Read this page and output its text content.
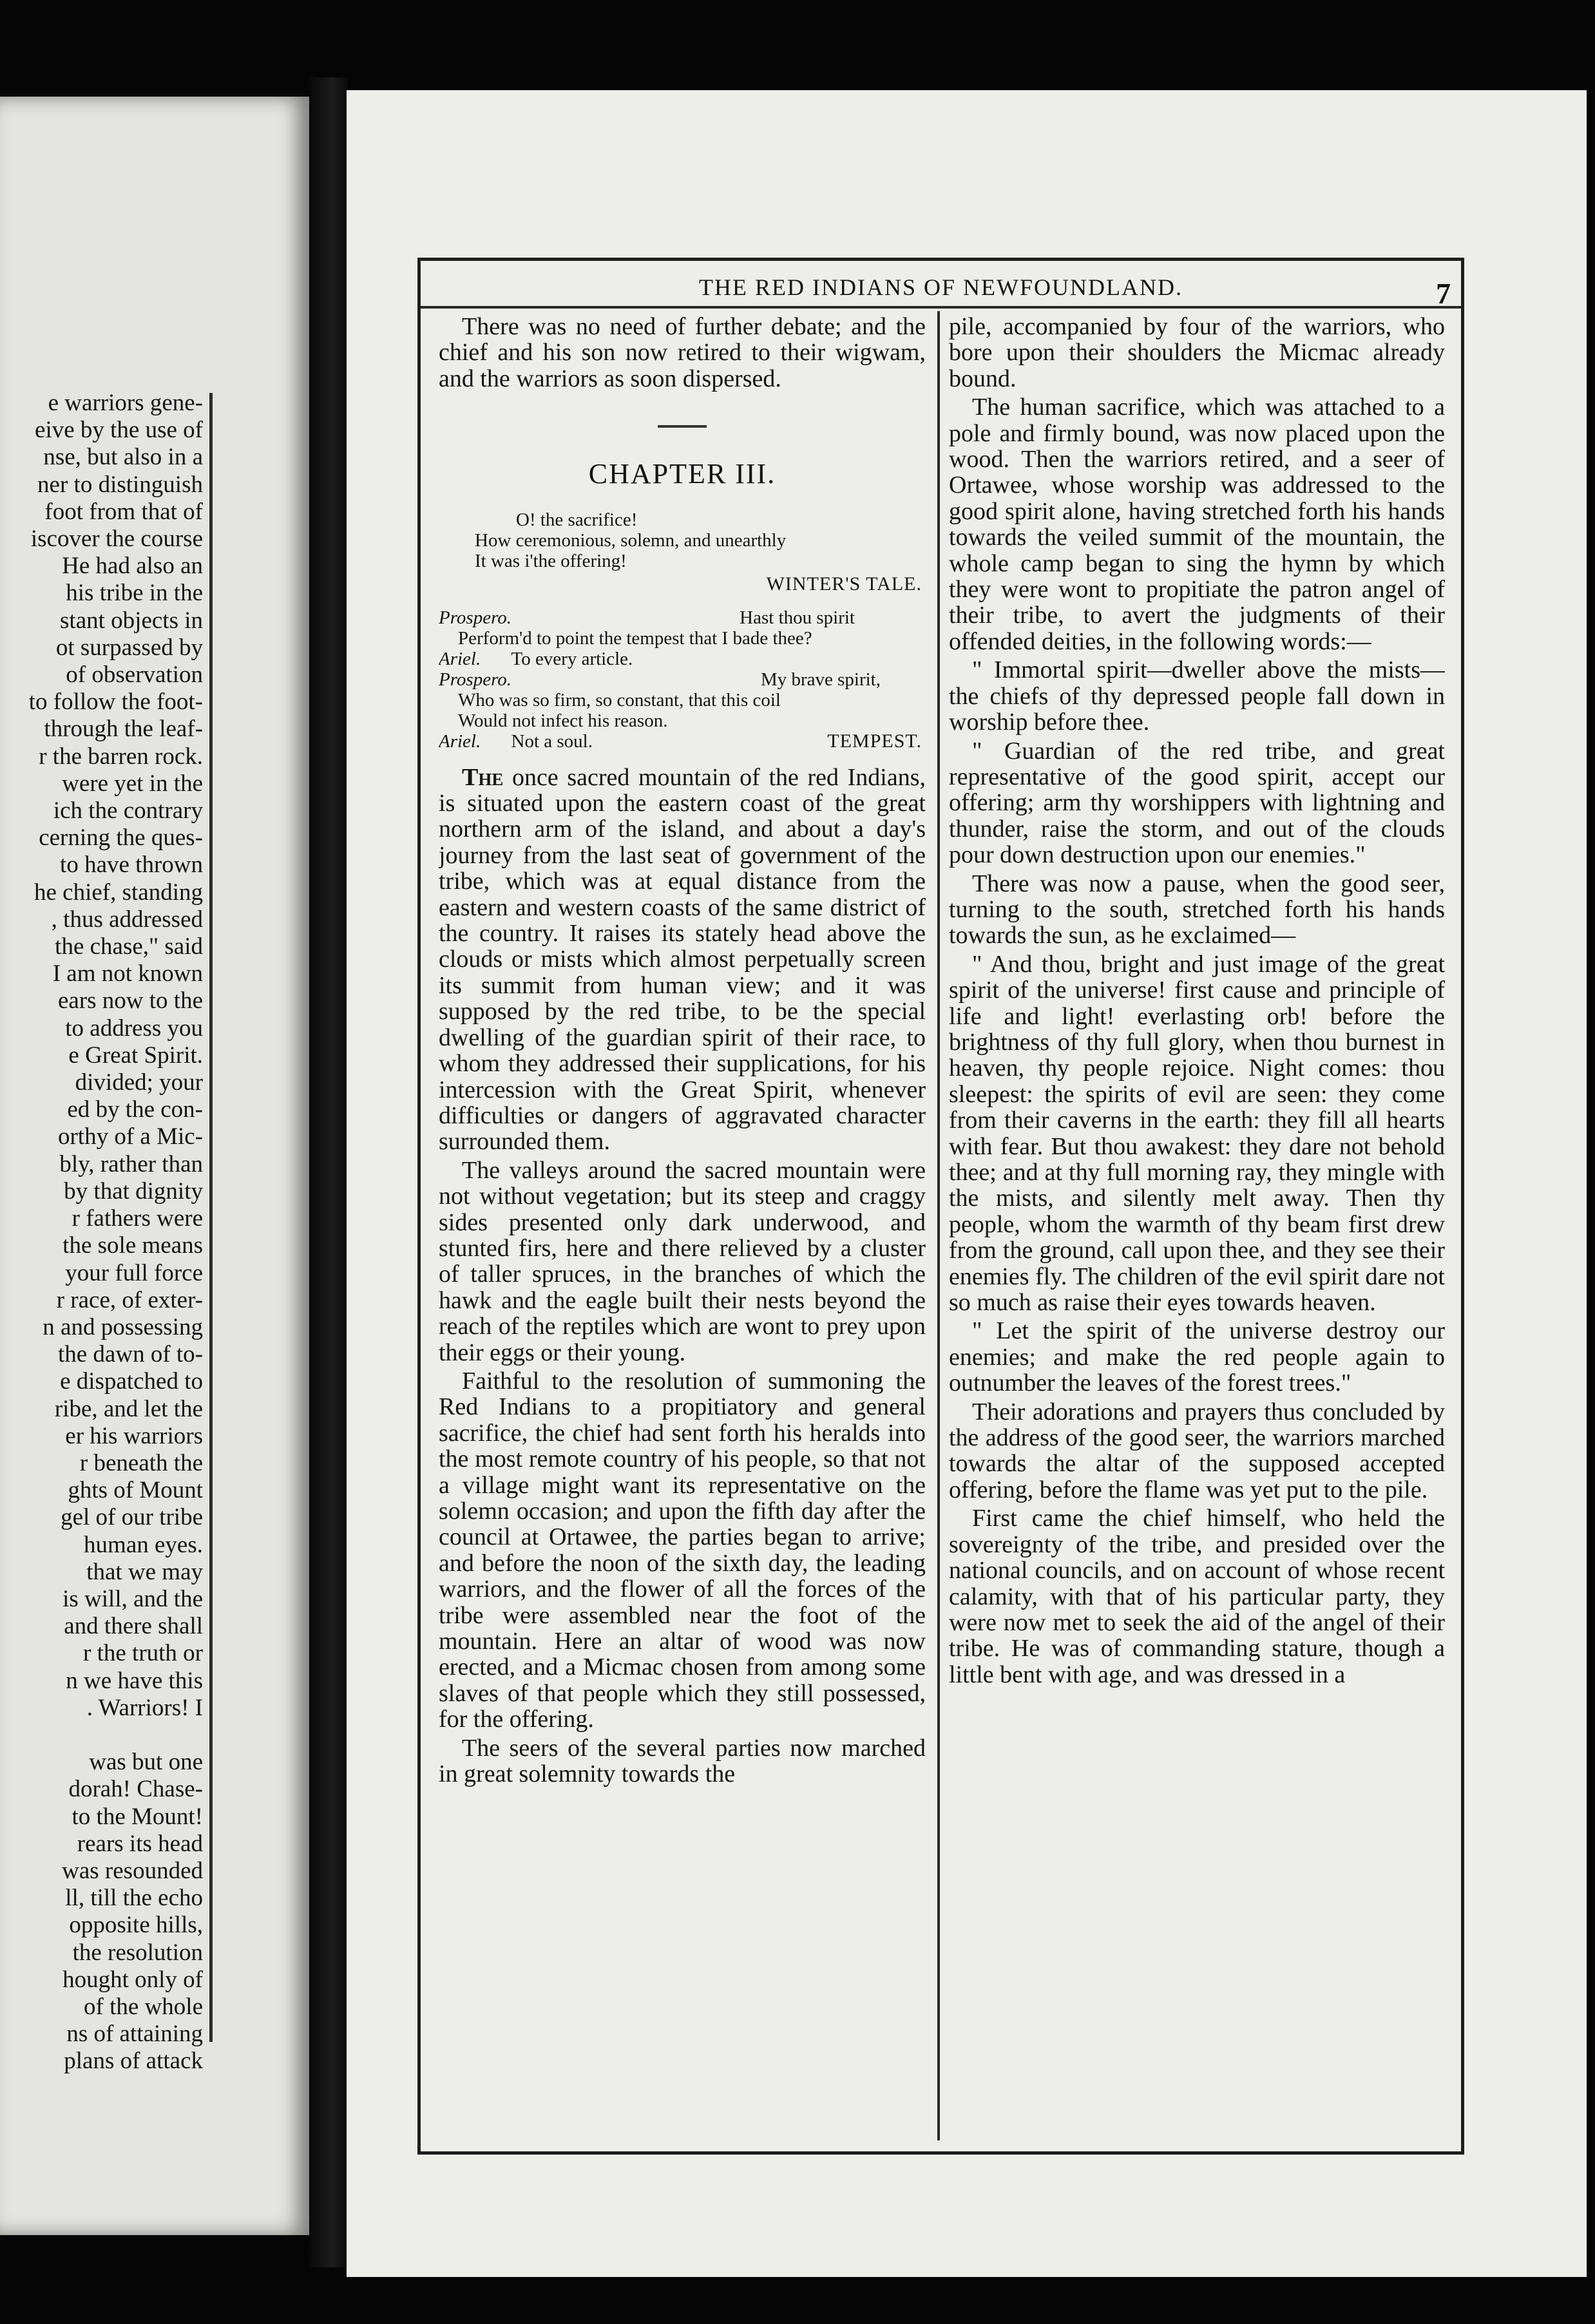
e warriors gene-
eive by the use of
nse, but also in a
ner to distinguish
foot from that of
iscover the course
He had also an
his tribe in the
stant objects in
ot surpassed by
of observation
to follow the foot-
through the leaf-
r the barren rock.
were yet in the
ich the contrary
cerning the ques-
to have thrown
he chief, standing
, thus addressed
the chase," said
I am not known
ears now to the
to address you
e Great Spirit.
divided; your
ed by the con-
orthy of a Mic-
bly, rather than
by that dignity
r fathers were
the sole means
your full force
r race, of exter-
n and possessing
the dawn of to-
e dispatched to
ribe, and let the
er his warriors
r beneath the
ghts of Mount
gel of our tribe
human eyes.
that we may
is will, and the
and there shall
r the truth or
n we have this
. Warriors! I

was but one
dorah! Chase-
to the Mount!
rears its head
was resounded
ll, till the echo
opposite hills,
the resolution
hought only of
of the whole
ns of attaining
plans of attack
THE RED INDIANS OF NEWFOUNDLAND.	7

There was no need of further debate; and the chief and his son now retired to their wigwam, and the warriors as soon dispersed.

CHAPTER III.
O! the sacrifice!
How ceremonious, solemn, and unearthly
It was i'the offering!
WINTER'S TALE.
Prospero.	Hast thou spirit
Perform'd to point the tempest that I bade thee?
Ariel. To every article.
Prospero.	My brave spirit,
Who was so firm, so constant, that this coil
Would not infect his reason.
Ariel. Not a soul.	TEMPEST.

The once sacred mountain of the red Indians, is situated upon the eastern coast of the great northern arm of the island, and about a day's journey from the last seat of government of the tribe, which was at equal distance from the eastern and western coasts of the same district of the country. It raises its stately head above the clouds or mists which almost perpetually screen its summit from human view; and it was supposed by the red tribe, to be the special dwelling of the guardian spirit of their race, to whom they addressed their supplications, for his intercession with the Great Spirit, whenever difficulties or dangers of aggravated character surrounded them.

The valleys around the sacred mountain were not without vegetation; but its steep and craggy sides presented only dark underwood, and stunted firs, here and there relieved by a cluster of taller spruces, in the branches of which the hawk and the eagle built their nests beyond the reach of the reptiles which are wont to prey upon their eggs or their young.

Faithful to the resolution of summoning the Red Indians to a propitiatory and general sacrifice, the chief had sent forth his heralds into the most remote country of his people, so that not a village might want its representative on the solemn occasion; and upon the fifth day after the council at Ortawee, the parties began to arrive; and before the noon of the sixth day, the leading warriors, and the flower of all the forces of the tribe were assembled near the foot of the mountain. Here an altar of wood was now erected, and a Micmac chosen from among some slaves of that people which they still possessed, for the offering.

The seers of the several parties now marched in great solemnity towards the

pile, accompanied by four of the warriors, who bore upon their shoulders the Micmac already bound.

The human sacrifice, which was attached to a pole and firmly bound, was now placed upon the wood. Then the warriors retired, and a seer of Ortawee, whose worship was addressed to the good spirit alone, having stretched forth his hands towards the veiled summit of the mountain, the whole camp began to sing the hymn by which they were wont to propitiate the patron angel of their tribe, to avert the judgments of their offended deities, in the following words:—

" Immortal spirit—dweller above the mists—the chiefs of thy depressed people fall down in worship before thee.

" Guardian of the red tribe, and great representative of the good spirit, accept our offering; arm thy worshippers with lightning and thunder, raise the storm, and out of the clouds pour down destruction upon our enemies."

There was now a pause, when the good seer, turning to the south, stretched forth his hands towards the sun, as he exclaimed—

" And thou, bright and just image of the great spirit of the universe! first cause and principle of life and light! everlasting orb! before the brightness of thy full glory, when thou burnest in heaven, thy people rejoice. Night comes: thou sleepest: the spirits of evil are seen: they come from their caverns in the earth: they fill all hearts with fear. But thou awakest: they dare not behold thee; and at thy full morning ray, they mingle with the mists, and silently melt away. Then thy people, whom the warmth of thy beam first drew from the ground, call upon thee, and they see their enemies fly. The children of the evil spirit dare not so much as raise their eyes towards heaven.

" Let the spirit of the universe destroy our enemies; and make the red people again to outnumber the leaves of the forest trees."

Their adorations and prayers thus concluded by the address of the good seer, the warriors marched towards the altar of the supposed accepted offering, before the flame was yet put to the pile.

First came the chief himself, who held the sovereignty of the tribe, and presided over the national councils, and on account of whose recent calamity, with that of his particular party, they were now met to seek the aid of the angel of their tribe. He was of commanding stature, though a little bent with age, and was dressed in a
